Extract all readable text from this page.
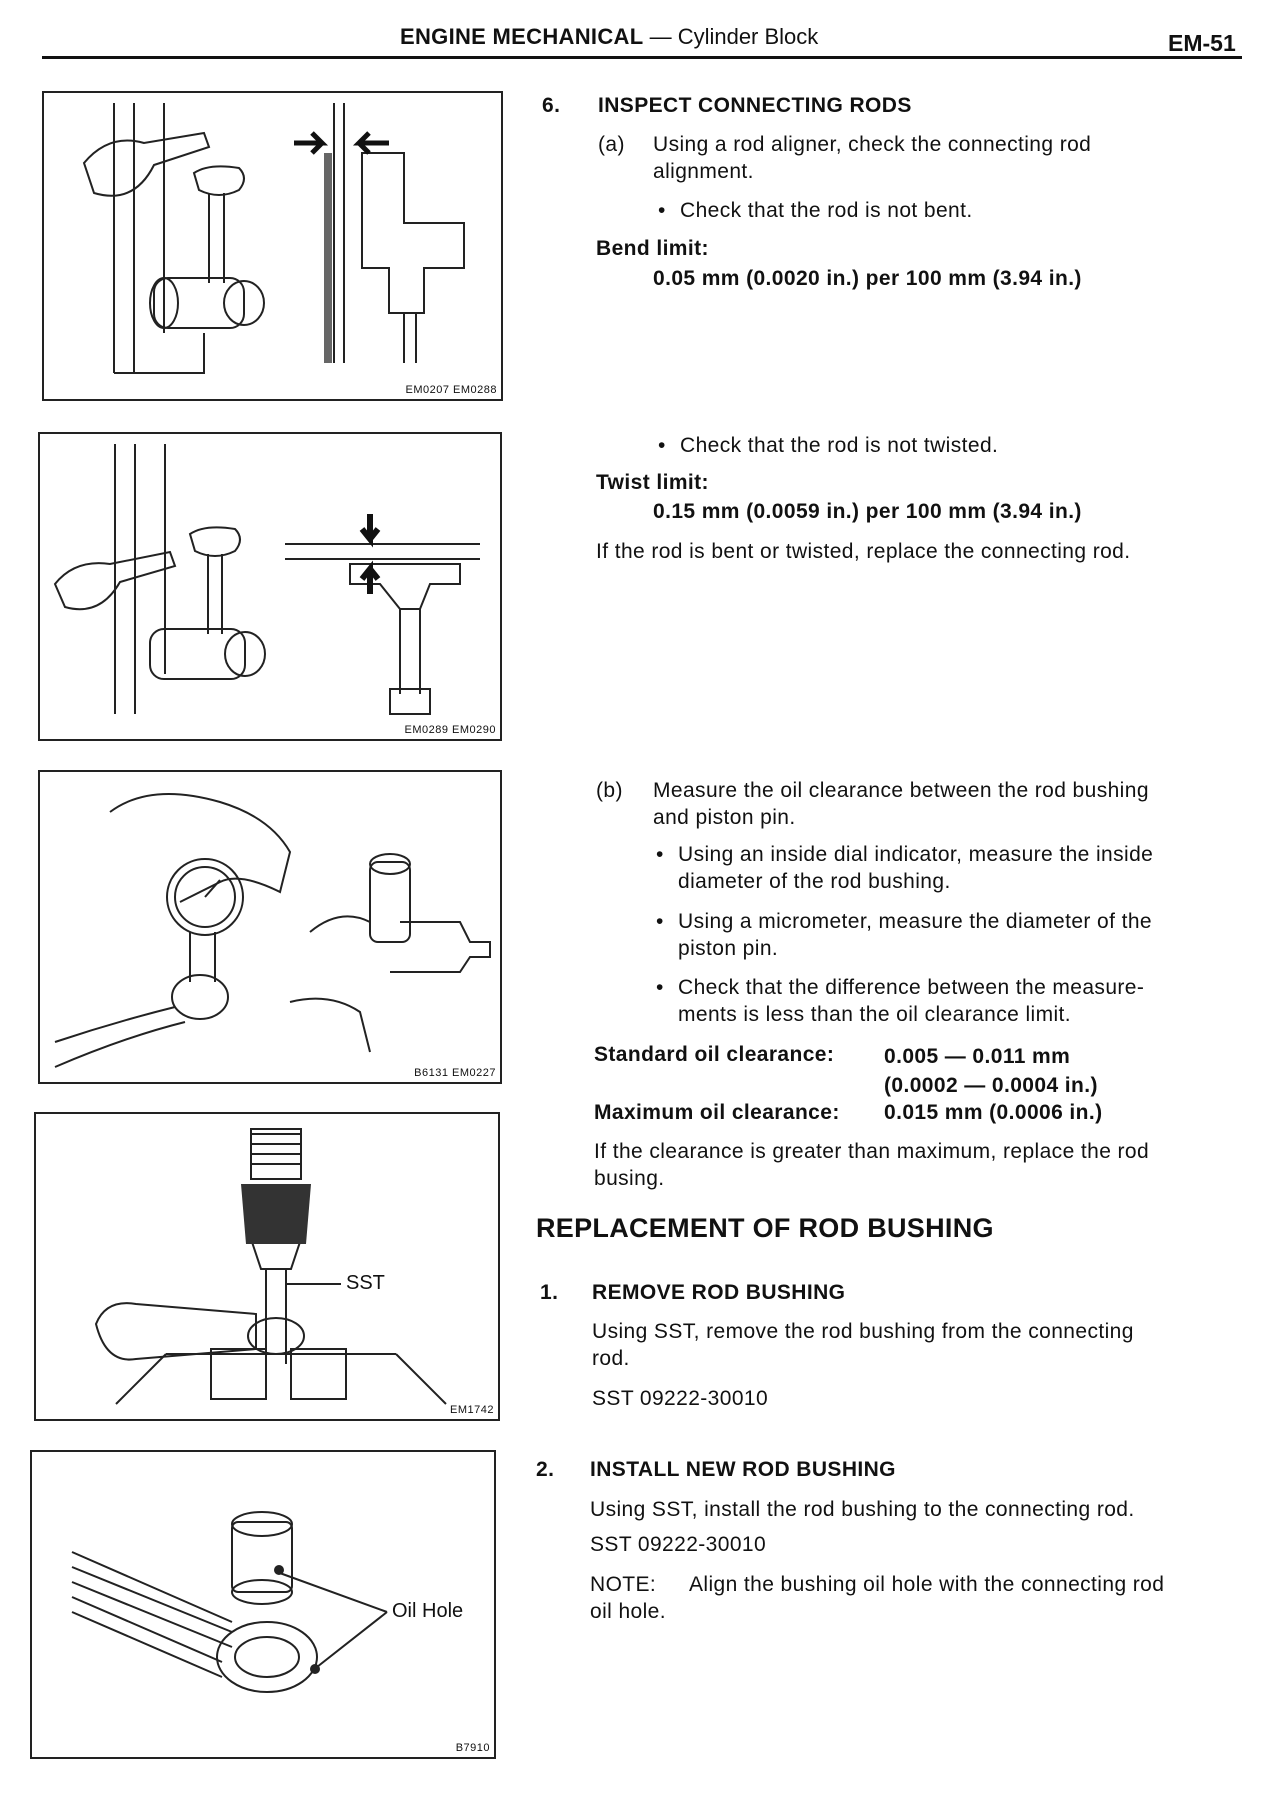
ENGINE MECHANICAL — Cylinder Block	EM-51
EM0207 EM0288
EM0289 EM0290
B6131 EM0227
SST
EM1742
Oil Hole
B7910
6. INSPECT CONNECTING RODS
(a) Using a rod aligner, check the connecting rod
alignment.
• Check that the rod is not bent.
Bend limit:
0.05 mm (0.0020 in.) per 100 mm (3.94 in.)
• Check that the rod is not twisted.
Twist limit:
0.15 mm (0.0059 in.) per 100 mm (3.94 in.)
If the rod is bent or twisted, replace the connecting rod.
(b) Measure the oil clearance between the rod bushing
and piston pin.
• Using an inside dial indicator, measure the inside
diameter of the rod bushing.
• Using a micrometer, measure the diameter of the
piston pin.
• Check that the difference between the measure-
ments is less than the oil clearance limit.
Standard oil clearance: 0.005 — 0.011 mm
(0.0002 — 0.0004 in.)
Maximum oil clearance: 0.015 mm (0.0006 in.)
If the clearance is greater than maximum, replace the rod
busing.
REPLACEMENT OF ROD BUSHING
1. REMOVE ROD BUSHING
Using SST, remove the rod bushing from the connecting
rod.
SST 09222-30010
2. INSTALL NEW ROD BUSHING
Using SST, install the rod bushing to the connecting rod.
SST 09222-30010
NOTE: Align the bushing oil hole with the connecting rod
oil hole.
